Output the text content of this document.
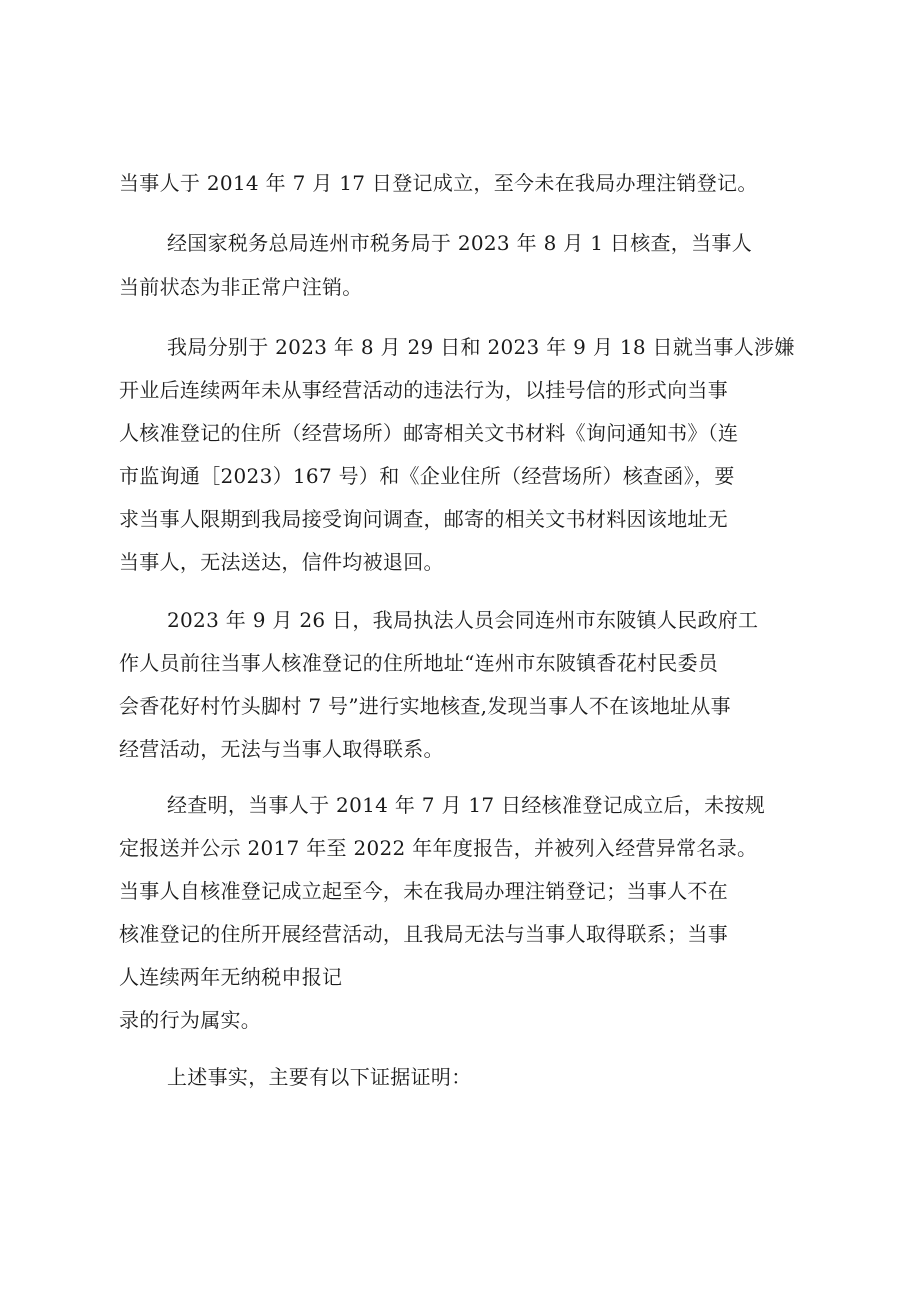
当事人于 2014 年 7 月 17 日登记成立，至今未在我局办理注销登记。
经国家税务总局连州市税务局于 2023 年 8 月 1 日核查，当事人
当前状态为非正常户注销。
我局分别于 2023 年 8 月 29 日和 2023 年 9 月 18 日就当事人涉嫌
开业后连续两年未从事经营活动的违法行为，以挂号信的形式向当事
人核准登记的住所（经营场所）邮寄相关文书材料《询问通知书》（连
市监询通［2023）167 号）和《企业住所（经营场所）核查函》，要
求当事人限期到我局接受询问调查，邮寄的相关文书材料因该地址无
当事人，无法送达，信件均被退回。
2023 年 9 月 26 日，我局执法人员会同连州市东陂镇人民政府工
作人员前往当事人核准登记的住所地址“连州市东陂镇香花村民委员
会香花好村竹头脚村 7 号”进行实地核查,发现当事人不在该地址从事
经营活动，无法与当事人取得联系。
经查明，当事人于 2014 年 7 月 17 日经核准登记成立后，未按规
定报送并公示 2017 年至 2022 年年度报告，并被列入经营异常名录。
当事人自核准登记成立起至今，未在我局办理注销登记；当事人不在
核准登记的住所开展经营活动，且我局无法与当事人取得联系；当事
人连续两年无纳税申报记
录的行为属实。
上述事实，主要有以下证据证明：
